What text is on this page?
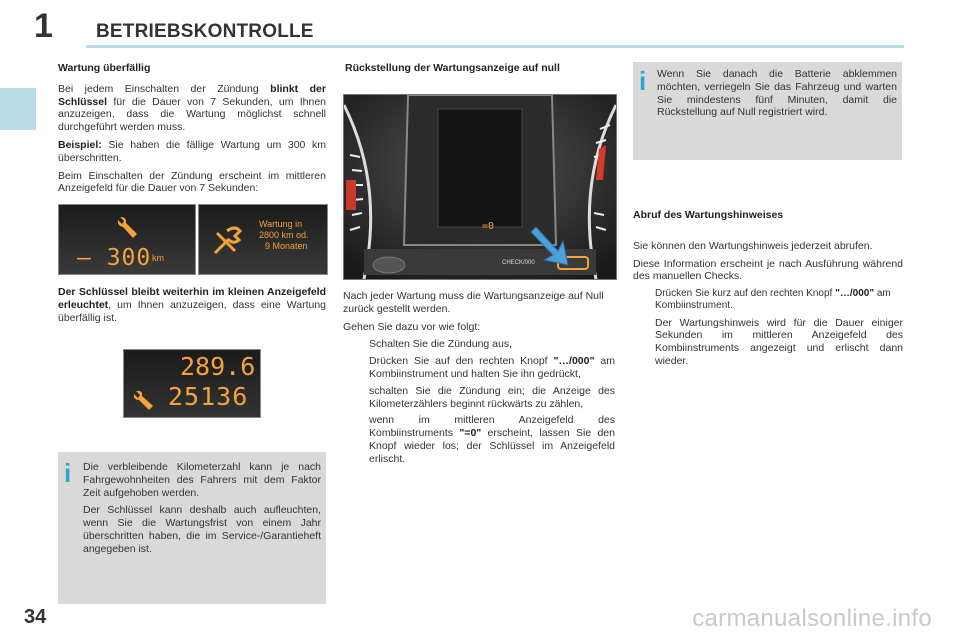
1 BETRIEBSKONTROLLE
Wartung überfällig

Bei jedem Einschalten der Zündung blinkt der Schlüssel für die Dauer von 7 Sekunden, um Ihnen anzuzeigen, dass die Wartung möglichst schnell durchgeführt werden muss.

Beispiel: Sie haben die fällige Wartung um 300 km überschritten.

Beim Einschalten der Zündung erscheint im mittleren Anzeigefeld für die Dauer von 7 Sekunden:

– 300 km
Wartung in
2800 km od.
9 Monaten

Der Schlüssel bleibt weiterhin im kleinen Anzeigefeld erleuchtet, um Ihnen anzuzeigen, dass eine Wartung überfällig ist.

289.6
25136
i Die verbleibende Kilometerzahl kann je nach Fahrgewohnheiten des Fahrers mit dem Faktor Zeit aufgehoben werden.

Der Schlüssel kann deshalb auch aufleuchten, wenn Sie die Wartungsfrist von einem Jahr überschritten haben, die im Service-/Garantieheft angegeben ist.

Rückstellung der Wartungsanzeige auf null
=0
CHECK/000

Nach jeder Wartung muss die Wartungsanzeige auf Null zurück gestellt werden.

Gehen Sie dazu vor wie folgt:

Schalten Sie die Zündung aus,
Drücken Sie auf den rechten Knopf "…/000" am Kombiinstrument und halten Sie ihn gedrückt,
schalten Sie die Zündung ein; die Anzeige des Kilometerzählers beginnt rückwärts zu zählen,
wenn im mittleren Anzeigefeld des Kombiinstruments "=0" erscheint, lassen Sie den Knopf wieder los; der Schlüssel im Anzeigefeld erlischt.
i Wenn Sie danach die Batterie abklemmen möchten, verriegeln Sie das Fahrzeug und warten Sie mindestens fünf Minuten, damit die Rückstellung auf Null registriert wird.
Abruf des Wartungshinweises

Sie können den Wartungshinweis jederzeit abrufen.

Diese Information erscheint je nach Ausführung während des manuellen Checks.

Drücken Sie kurz auf den rechten Knopf "…/000" am Kombiinstrument.

Der Wartungshinweis wird für die Dauer einiger Sekunden im mittleren Anzeigefeld des Kombiinstruments angezeigt und erlischt dann wieder.

34	carmanualsonline.info
